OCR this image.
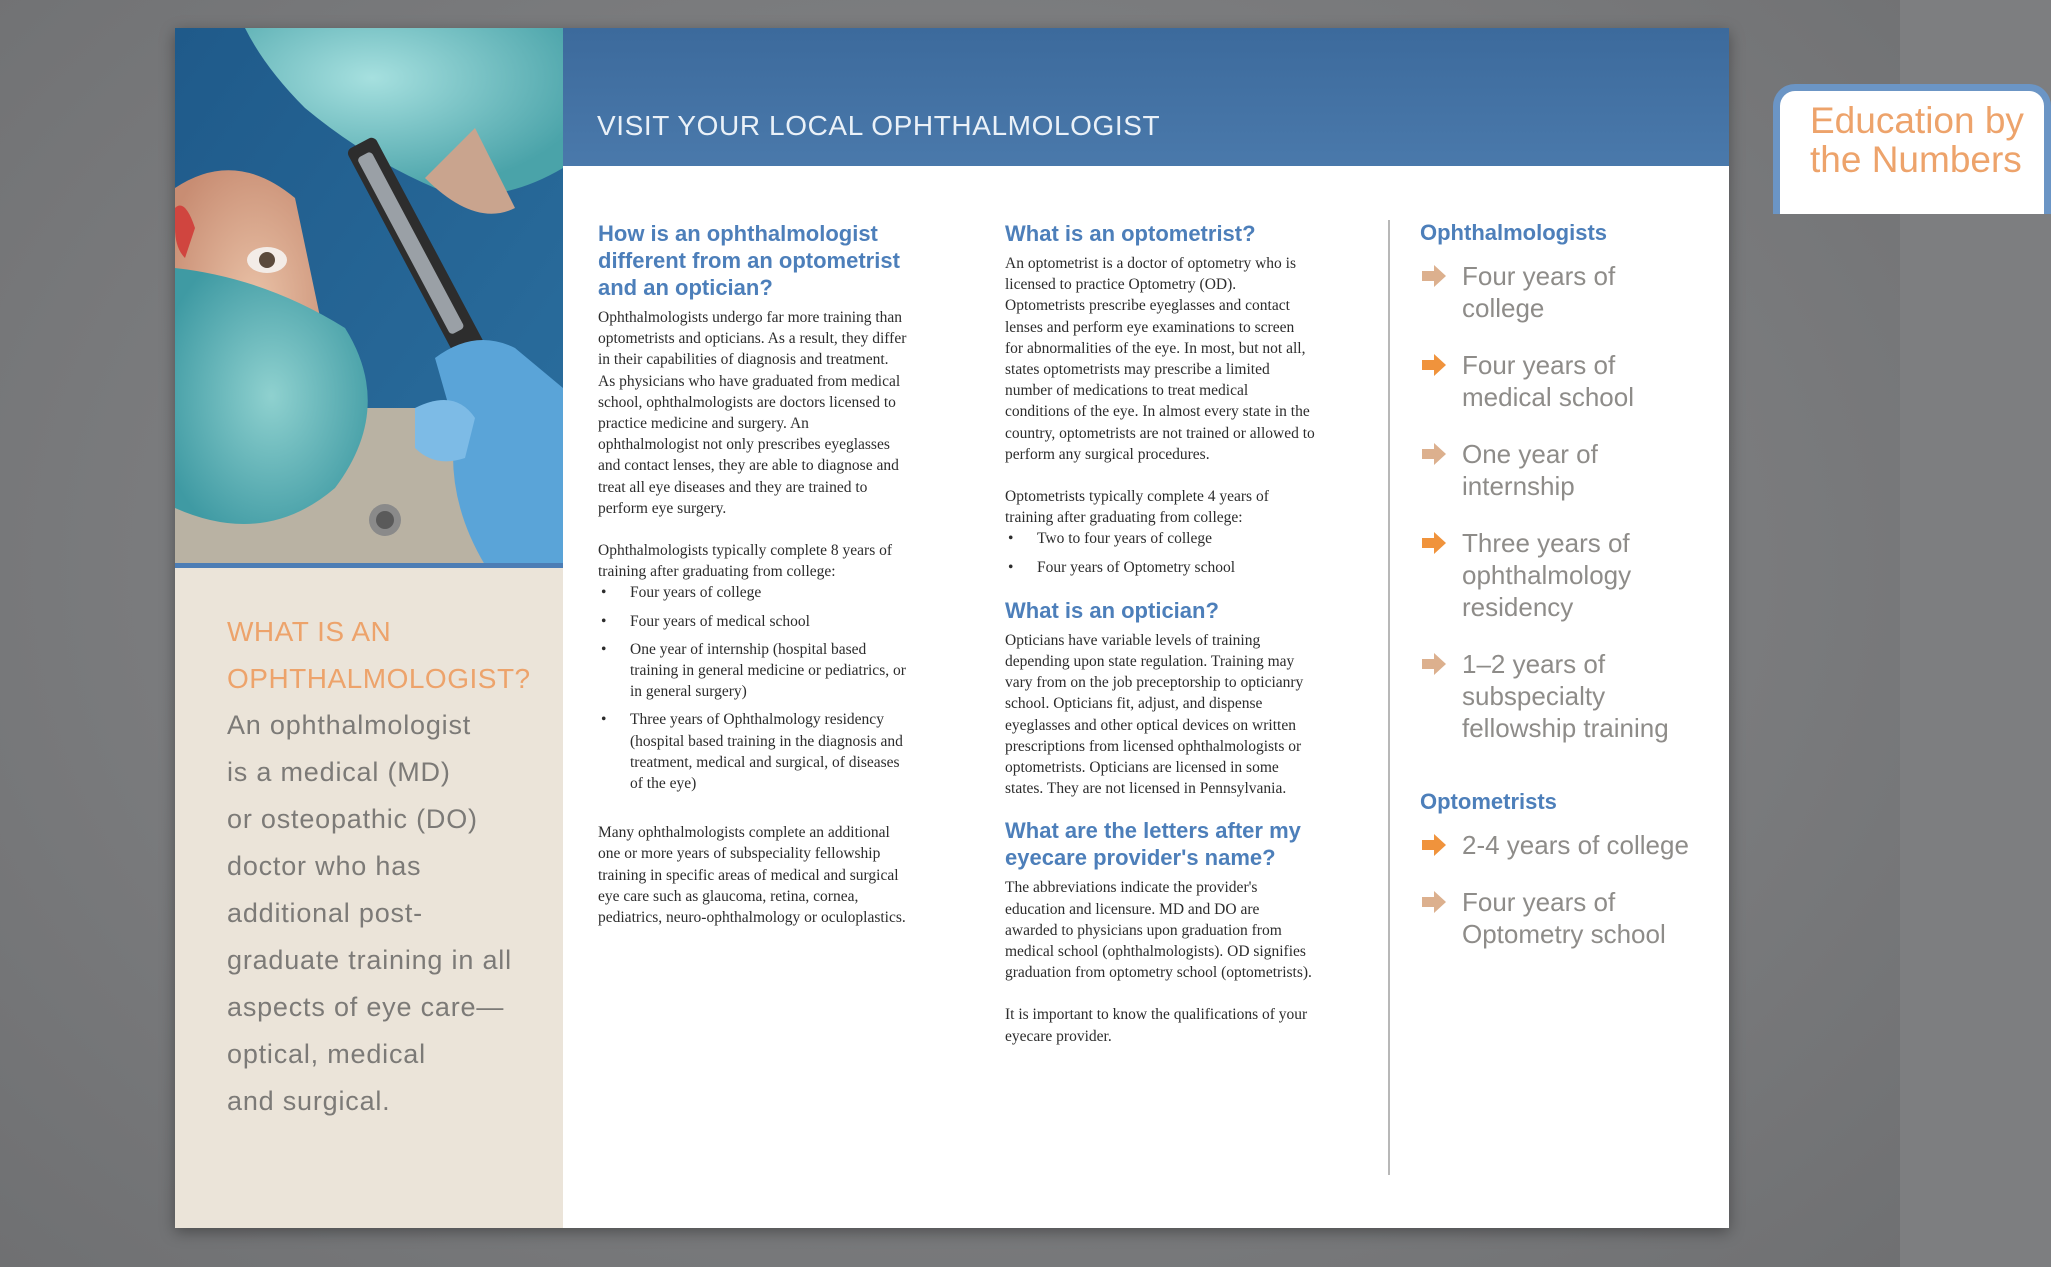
WHAT IS AN
OPHTHALMOLOGIST?
An ophthalmologist
is a medical (MD)
or osteopathic (DO)
doctor who has
additional post-
graduate training in all
aspects of eye care—
optical, medical
and surgical.
VISIT YOUR LOCAL OPHTHALMOLOGIST	Education by
the Numbers
How is an ophthalmologist different from an optometrist and an optician?

Ophthalmologists undergo far more training than optometrists and opticians. As a result, they differ in their capabilities of diagnosis and treatment. As physicians who have graduated from medical school, ophthalmologists are doctors licensed to practice medicine and surgery. An ophthalmologist not only prescribes eyeglasses and contact lenses, they are able to diagnose and treat all eye diseases and they are trained to perform eye surgery.

Ophthalmologists typically complete 8 years of training after graduating from college:

• Four years of college
• Four years of medical school
• One year of internship (hospital based training in general medicine or pediatrics, or in general surgery)
• Three years of Ophthalmology residency (hospital based training in the diagnosis and treatment, medical and surgical, of diseases of the eye)

Many ophthalmologists complete an additional one or more years of subspeciality fellowship training in specific areas of medical and surgical eye care such as glaucoma, retina, cornea, pediatrics, neuro-ophthalmology or oculoplastics.

What is an optometrist?

An optometrist is a doctor of optometry who is licensed to practice Optometry (OD). Optometrists prescribe eyeglasses and contact lenses and perform eye examinations to screen for abnormalities of the eye. In most, but not all, states optometrists may prescribe a limited number of medications to treat medical conditions of the eye. In almost every state in the country, optometrists are not trained or allowed to perform any surgical procedures.

Optometrists typically complete 4 years of training after graduating from college:

• Two to four years of college
• Four years of Optometry school
What is an optician?

Opticians have variable levels of training depending upon state regulation. Training may vary from on the job preceptorship to opticianry school. Opticians fit, adjust, and dispense eyeglasses and other optical devices on written prescriptions from licensed ophthalmologists or optometrists. Opticians are licensed in some states. They are not licensed in Pennsylvania.

What are the letters after my eyecare provider's name?

The abbreviations indicate the provider's education and licensure. MD and DO are awarded to physicians upon graduation from medical school (ophthalmologists). OD signifies graduation from optometry school (optometrists).

It is important to know the qualifications of your eyecare provider.

Ophthalmologists
Four years of college
Four years of medical school
One year of internship
Three years of ophthalmology residency
1–2 years of subspecialty fellowship training
Optometrists
2-4 years of college
Four years of Optometry school
